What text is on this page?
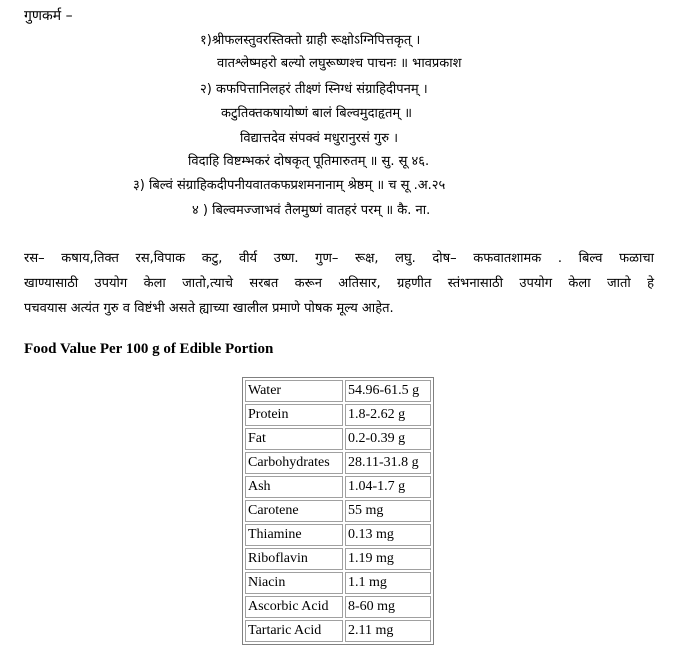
गुणकर्म –
१)श्रीफलस्तुवरस्तिक्तो ग्राही रूक्षोऽग्निपित्तकृत् ।
वातश्लेष्महरो बल्यो लघुरूष्णश्च पाचनः ॥ भावप्रकाश
२) कफपित्तानिलहरं तीक्ष्णं स्निग्धं संग्राहिदीपनम् ।
कटुतिक्तकषायोष्णं बालं बिल्वमुदाहृतम् ॥
विद्यात्तदेव संपक्वं मधुरानुरसं गुरु ।
विदाहि विष्टम्भकरं दोषकृत् पूतिमारुतम् ॥ सु. सू ४६.
३) बिल्वं संग्राहिकदीपनीयवातकफप्रशमनानाम् श्रेष्ठम् ॥ च सू .अ.२५
४ ) बिल्वमज्जाभवं तैलमुष्णं वातहरं परम् ॥ कै. ना.
रस– कषाय,तिक्त रस,विपाक कटु, वीर्य उष्ण. गुण– रूक्ष, लघु. दोष– कफवातशामक . बिल्व फळाचा
खाण्यासाठी उपयोग केला जातो,त्याचे सरबत करून अतिसार, ग्रहणीत स्तंभनासाठी उपयोग केला जातो हे
पचवयास अत्यंत गुरु व विष्टंभी असते ह्याच्या खालील प्रमाणे पोषक मूल्य आहेत.
Food Value Per 100 g of Edible Portion
Water	54.96-61.5 g
Protein	1.8-2.62 g
Fat	0.2-0.39 g
Carbohydrates	28.11-31.8 g
Ash	1.04-1.7 g
Carotene	55 mg
Thiamine	0.13 mg
Riboflavin	1.19 mg
Niacin	1.1 mg
Ascorbic Acid	8-60 mg
Tartaric Acid	2.11 mg
